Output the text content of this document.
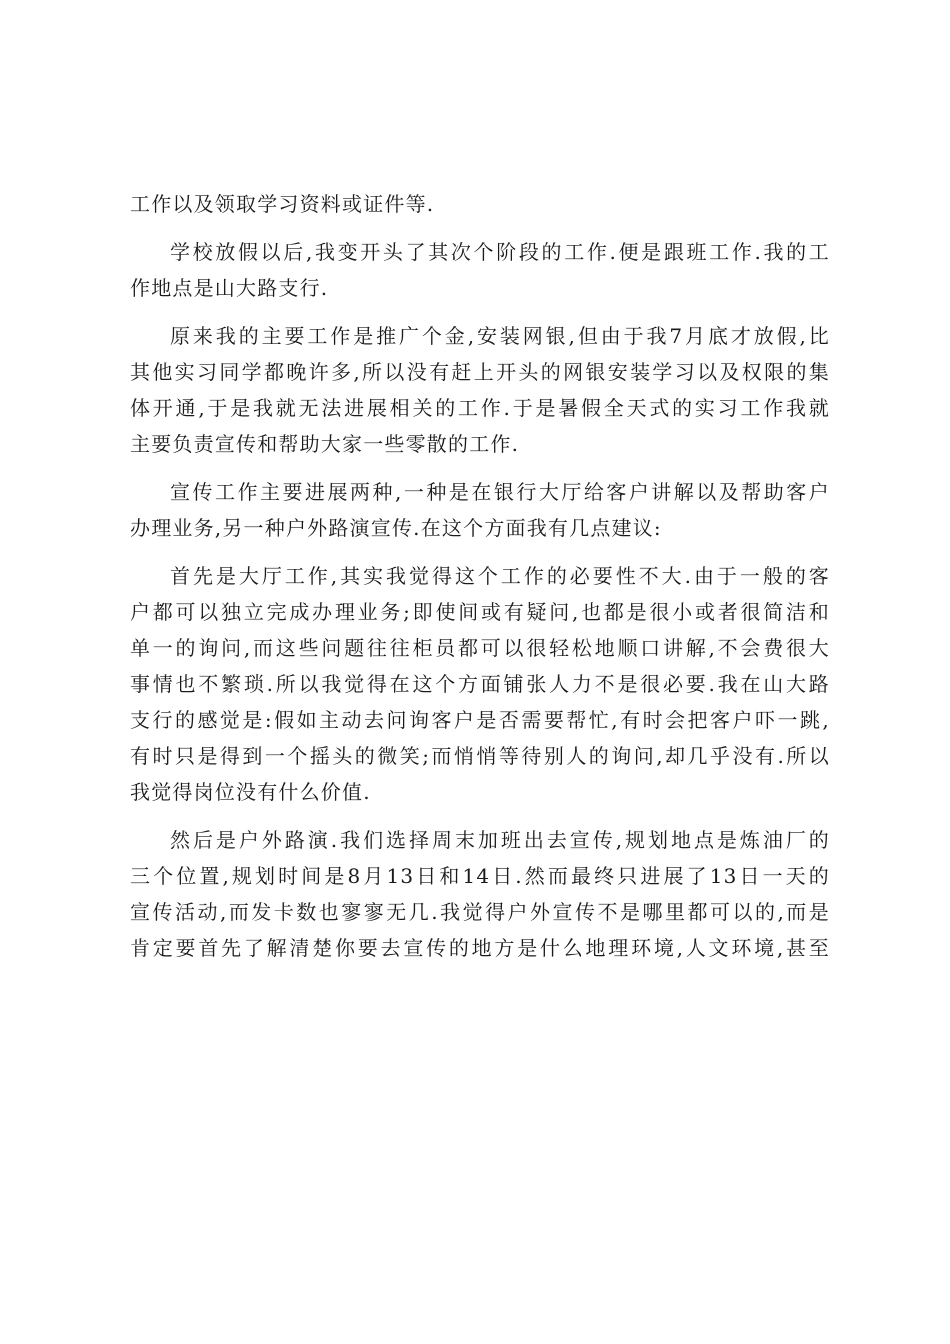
工作以及领取学习资料或证件等.
学校放假以后,我变开头了其次个阶段的工作.便是跟班工作.我的工
作地点是山大路支行.
原来我的主要工作是推广个金,安装网银,但由于我7月底才放假,比
其他实习同学都晚许多,所以没有赶上开头的网银安装学习以及权限的集
体开通,于是我就无法进展相关的工作.于是暑假全天式的实习工作我就
主要负责宣传和帮助大家一些零散的工作.
宣传工作主要进展两种,一种是在银行大厅给客户讲解以及帮助客户
办理业务,另一种户外路演宣传.在这个方面我有几点建议:
首先是大厅工作,其实我觉得这个工作的必要性不大.由于一般的客
户都可以独立完成办理业务;即使间或有疑问,也都是很小或者很简洁和
单一的询问,而这些问题往往柜员都可以很轻松地顺口讲解,不会费很大
事情也不繁琐.所以我觉得在这个方面铺张人力不是很必要.我在山大路
支行的感觉是:假如主动去问询客户是否需要帮忙,有时会把客户吓一跳,
有时只是得到一个摇头的微笑;而悄悄等待别人的询问,却几乎没有.所以
我觉得岗位没有什么价值.
然后是户外路演.我们选择周末加班出去宣传,规划地点是炼油厂的
三个位置,规划时间是8月13日和14日.然而最终只进展了13日一天的
宣传活动,而发卡数也寥寥无几.我觉得户外宣传不是哪里都可以的,而是
肯定要首先了解清楚你要去宣传的地方是什么地理环境,人文环境,甚至
